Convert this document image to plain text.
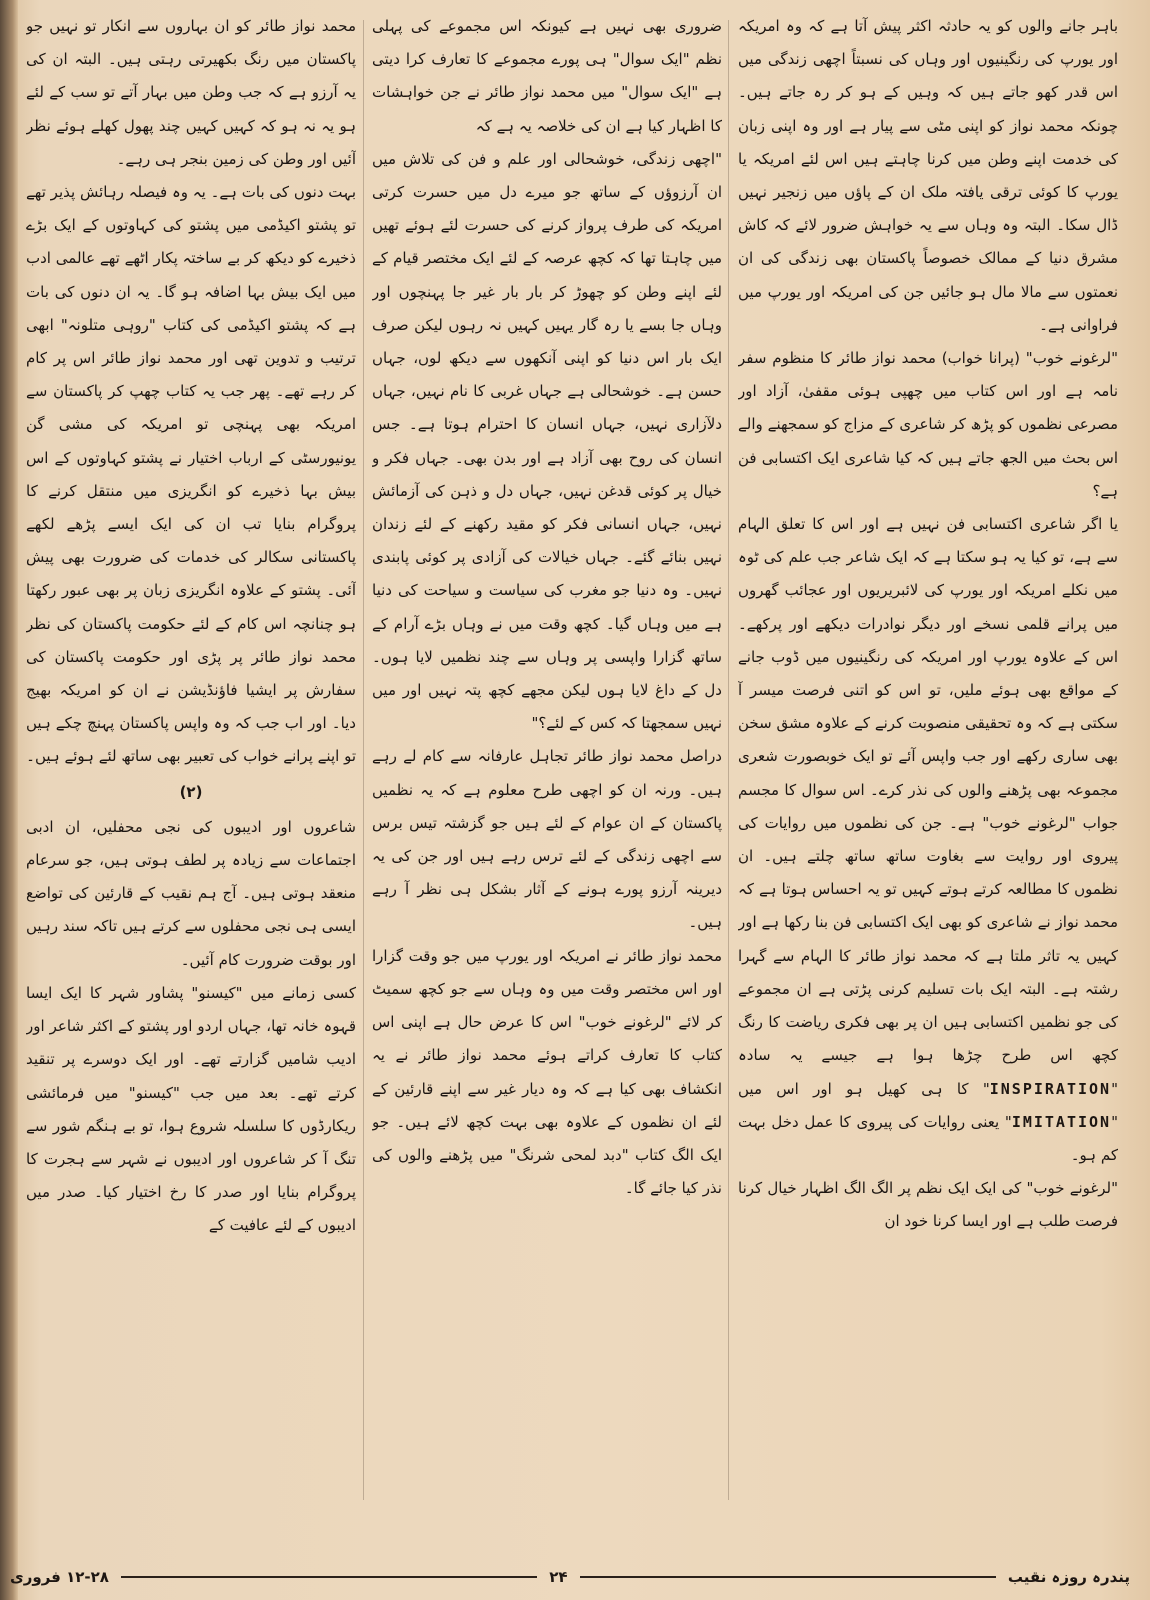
باہر جانے والوں کو یہ حادثہ اکثر پیش آتا ہے کہ وہ امریکہ اور یورپ کی رنگینیوں اور وہاں کی نسبتاً اچھی زندگی میں اس قدر کھو جاتے ہیں کہ وہیں کے ہو کر رہ جاتے ہیں۔ چونکہ محمد نواز کو اپنی مٹی سے پیار ہے اور وہ اپنی زبان کی خدمت اپنے وطن میں کرنا چاہتے ہیں اس لئے امریکہ یا یورپ کا کوئی ترقی یافتہ ملک ان کے پاؤں میں زنجیر نہیں ڈال سکا۔ البتہ وہ وہاں سے یہ خواہش ضرور لائے کہ کاش مشرق دنیا کے ممالک خصوصاً پاکستان بھی زندگی کی ان نعمتوں سے مالا مال ہو جائیں جن کی امریکہ اور یورپ میں فراوانی ہے۔

"لرغونے خوب" (پرانا خواب) محمد نواز طائر کا منظوم سفر نامہ ہے اور اس کتاب میں چھپی ہوئی مقفیٰ، آزاد اور مصرعی نظموں کو پڑھ کر شاعری کے مزاج کو سمجھنے والے اس بحث میں الجھ جاتے ہیں کہ کیا شاعری ایک اکتسابی فن ہے؟

یا اگر شاعری اکتسابی فن نہیں ہے اور اس کا تعلق الہام سے ہے، تو کیا یہ ہو سکتا ہے کہ ایک شاعر جب علم کی ٹوہ میں نکلے امریکہ اور یورپ کی لائبریریوں اور عجائب گھروں میں پرانے قلمی نسخے اور دیگر نوادرات دیکھے اور پرکھے۔ اس کے علاوہ یورپ اور امریکہ کی رنگینیوں میں ڈوب جانے کے مواقع بھی ہوئے ملیں، تو اس کو اتنی فرصت میسر آ سکتی ہے کہ وہ تحقیقی منصوبت کرنے کے علاوہ مشق سخن بھی ساری رکھے اور جب واپس آئے تو ایک خوبصورت شعری مجموعہ بھی پڑھنے والوں کی نذر کرے۔ اس سوال کا مجسم جواب "لرغونے خوب" ہے۔ جن کی نظموں میں روایات کی پیروی اور روایت سے بغاوت ساتھ ساتھ چلتے ہیں۔ ان نظموں کا مطالعہ کرتے ہوتے کہیں تو یہ احساس ہوتا ہے کہ محمد نواز نے شاعری کو بھی ایک اکتسابی فن بنا رکھا ہے اور کہیں یہ تاثر ملتا ہے کہ محمد نواز طائر کا الہام سے گہرا رشتہ ہے۔ البتہ ایک بات تسلیم کرنی پڑتی ہے ان مجموعے کی جو نظمیں اکتسابی ہیں ان پر بھی فکری ریاضت کا رنگ کچھ اس طرح چڑھا ہوا ہے جیسے یہ سادہ "INSPIRATION" کا ہی کھیل ہو اور اس میں "IMITATION" یعنی روایات کی پیروی کا عمل دخل بہت کم ہو۔

"لرغونے خوب" کی ایک ایک نظم پر الگ الگ اظہار خیال کرنا فرصت طلب ہے اور ایسا کرنا خود ان

ضروری بھی نہیں ہے کیونکہ اس مجموعے کی پہلی نظم "ایک سوال" ہی پورے مجموعے کا تعارف کرا دیتی ہے "ایک سوال" میں محمد نواز طائر نے جن خواہشات کا اظہار کیا ہے ان کی خلاصہ یہ ہے کہ

"اچھی زندگی، خوشحالی اور علم و فن کی تلاش میں ان آرزوؤں کے ساتھ جو میرے دل میں حسرت کرتی امریکہ کی طرف پرواز کرنے کی حسرت لئے ہوئے تھیں میں چاہتا تھا کہ کچھ عرصہ کے لئے ایک مختصر قیام کے لئے اپنے وطن کو چھوڑ کر بار بار غیر جا پہنچوں اور وہاں جا بسے یا رہ گار یہیں کہیں نہ رہوں لیکن صرف ایک بار اس دنیا کو اپنی آنکھوں سے دیکھ لوں، جہاں حسن ہے۔ خوشحالی ہے جہاں غربی کا نام نہیں، جہاں دلآزاری نہیں، جہاں انسان کا احترام ہوتا ہے۔ جس انسان کی روح بھی آزاد ہے اور بدن بھی۔ جہاں فکر و خیال پر کوئی قدغن نہیں، جہاں دل و ذہن کی آزمائش نہیں، جہاں انسانی فکر کو مقید رکھنے کے لئے زندان نہیں بنائے گئے۔ جہاں خیالات کی آزادی پر کوئی پابندی نہیں۔ وہ دنیا جو مغرب کی سیاست و سیاحت کی دنیا ہے میں وہاں گیا۔ کچھ وقت میں نے وہاں بڑے آرام کے ساتھ گزارا واپسی پر وہاں سے چند نظمیں لایا ہوں۔ دل کے داغ لایا ہوں لیکن مجھے کچھ پتہ نہیں اور میں نہیں سمجھتا کہ کس کے لئے؟"

دراصل محمد نواز طائر تجاہل عارفانہ سے کام لے رہے ہیں۔ ورنہ ان کو اچھی طرح معلوم ہے کہ یہ نظمیں پاکستان کے ان عوام کے لئے ہیں جو گزشتہ تیس برس سے اچھی زندگی کے لئے ترس رہے ہیں اور جن کی یہ دیرینہ آرزو پورے ہونے کے آثار بشکل ہی نظر آ رہے ہیں۔

محمد نواز طائر نے امریکہ اور یورپ میں جو وقت گزارا اور اس مختصر وقت میں وہ وہاں سے جو کچھ سمیٹ کر لائے "لرغونے خوب" اس کا عرض حال ہے اپنی اس کتاب کا تعارف کراتے ہوئے محمد نواز طائر نے یہ انکشاف بھی کیا ہے کہ وہ دیار غیر سے اپنے قارئین کے لئے ان نظموں کے علاوہ بھی بہت کچھ لائے ہیں۔ جو ایک الگ کتاب "دبد لمحی شرنگ" میں پڑھنے والوں کی نذر کیا جائے گا۔

محمد نواز طائر کو ان بہاروں سے انکار تو نہیں جو پاکستان میں رنگ بکھیرتی رہتی ہیں۔ البتہ ان کی یہ آرزو ہے کہ جب وطن میں بہار آتے تو سب کے لئے ہو یہ نہ ہو کہ کہیں کہیں چند پھول کھلے ہوئے نظر آئیں اور وطن کی زمین بنجر ہی رہے۔

بہت دنوں کی بات ہے۔ یہ وہ فیصلہ رہائش پذیر تھے تو پشتو اکیڈمی میں پشتو کی کہاوتوں کے ایک بڑے ذخیرے کو دیکھ کر بے ساختہ پکار اٹھے تھے عالمی ادب میں ایک بیش بہا اضافہ ہو گا۔ یہ ان دنوں کی بات ہے کہ پشتو اکیڈمی کی کتاب "روہی متلونہ" ابھی ترتیب و تدوین تھی اور محمد نواز طائر اس پر کام کر رہے تھے۔ پھر جب یہ کتاب چھپ کر پاکستان سے امریکہ بھی پہنچی تو امریکہ کی مشی گن یونیورسٹی کے ارباب اختیار نے پشتو کہاوتوں کے اس بیش بہا ذخیرے کو انگریزی میں منتقل کرنے کا پروگرام بنایا تب ان کی ایک ایسے پڑھے لکھے پاکستانی سکالر کی خدمات کی ضرورت بھی پیش آئی۔ پشتو کے علاوہ انگریزی زبان پر بھی عبور رکھتا ہو چنانچہ اس کام کے لئے حکومت پاکستان کی نظر محمد نواز طائر پر پڑی اور حکومت پاکستان کی سفارش پر ایشیا فاؤنڈیشن نے ان کو امریکہ بھیج دیا۔ اور اب جب کہ وہ واپس پاکستان پہنچ چکے ہیں تو اپنے پرانے خواب کی تعبیر بھی ساتھ لئے ہوئے ہیں۔

(۲)

شاعروں اور ادیبوں کی نجی محفلیں، ان ادبی اجتماعات سے زیادہ پر لطف ہوتی ہیں، جو سرعام منعقد ہوتی ہیں۔ آج ہم نقیب کے قارئین کی تواضع ایسی ہی نجی محفلوں سے کرتے ہیں تاکہ سند رہیں اور بوقت ضرورت کام آئیں۔

کسی زمانے میں "کیسنو" پشاور شہر کا ایک ایسا قہوہ خانہ تھا، جہاں اردو اور پشتو کے اکثر شاعر اور ادیب شامیں گزارتے تھے۔ اور ایک دوسرے پر تنقید کرتے تھے۔ بعد میں جب "کیسنو" میں فرمائشی ریکارڈوں کا سلسلہ شروع ہوا، تو بے ہنگم شور سے تنگ آ کر شاعروں اور ادیبوں نے شہر سے ہجرت کا پروگرام بنایا اور صدر کا رخ اختیار کیا۔ صدر میں ادیبوں کے لئے عافیت کے

۱۲-۲۸ فروری	۲۴	پندرہ روزہ نقیب
